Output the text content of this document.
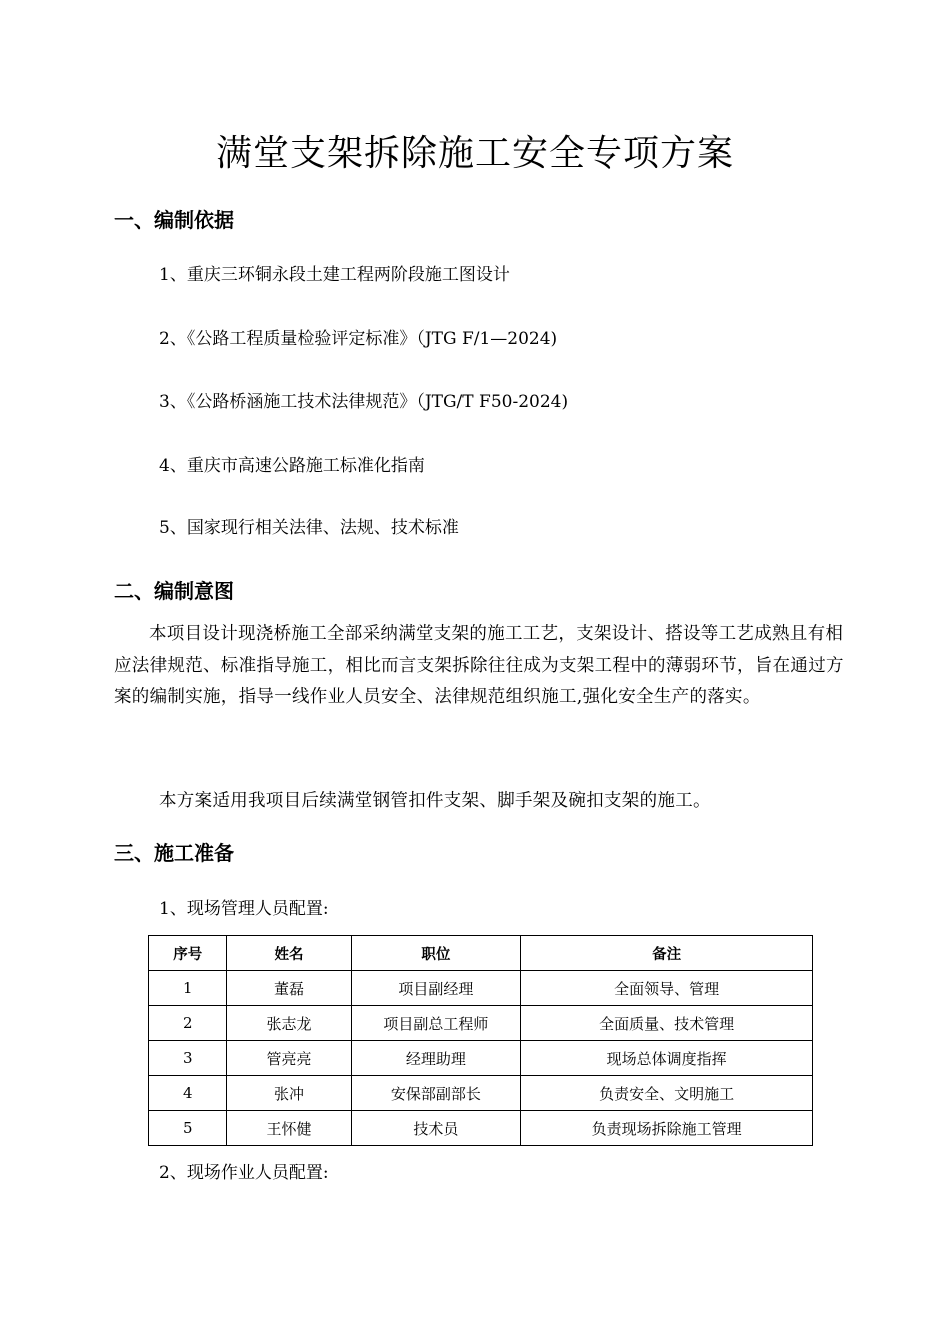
满堂支架拆除施工安全专项方案
一、编制依据
1、重庆三环铜永段土建工程两阶段施工图设计
2、《公路工程质量检验评定标准》（JTG F/1—2024)
3、《公路桥涵施工技术法律规范》（JTG/T F50-2024)
4、重庆市高速公路施工标准化指南
5、国家现行相关法律、法规、技术标准
二、编制意图

本项目设计现浇桥施工全部采纳满堂支架的施工工艺，支架设计、搭设等工艺成熟且有相应法律规范、标准指导施工，相比而言支架拆除往往成为支架工程中的薄弱环节，旨在通过方案的编制实施，指导一线作业人员安全、法律规范组织施工,强化安全生产的落实。

本方案适用我项目后续满堂钢管扣件支架、脚手架及碗扣支架的施工。
三、施工准备
1、现场管理人员配置:
序号	姓名	职位	备注
1	董磊	项目副经理	全面领导、管理
2	张志龙	项目副总工程师	全面质量、技术管理
3	管亮亮	经理助理	现场总体调度指挥
4	张冲	安保部副部长	负责安全、文明施工
5	王怀健	技术员	负责现场拆除施工管理
2、现场作业人员配置:
